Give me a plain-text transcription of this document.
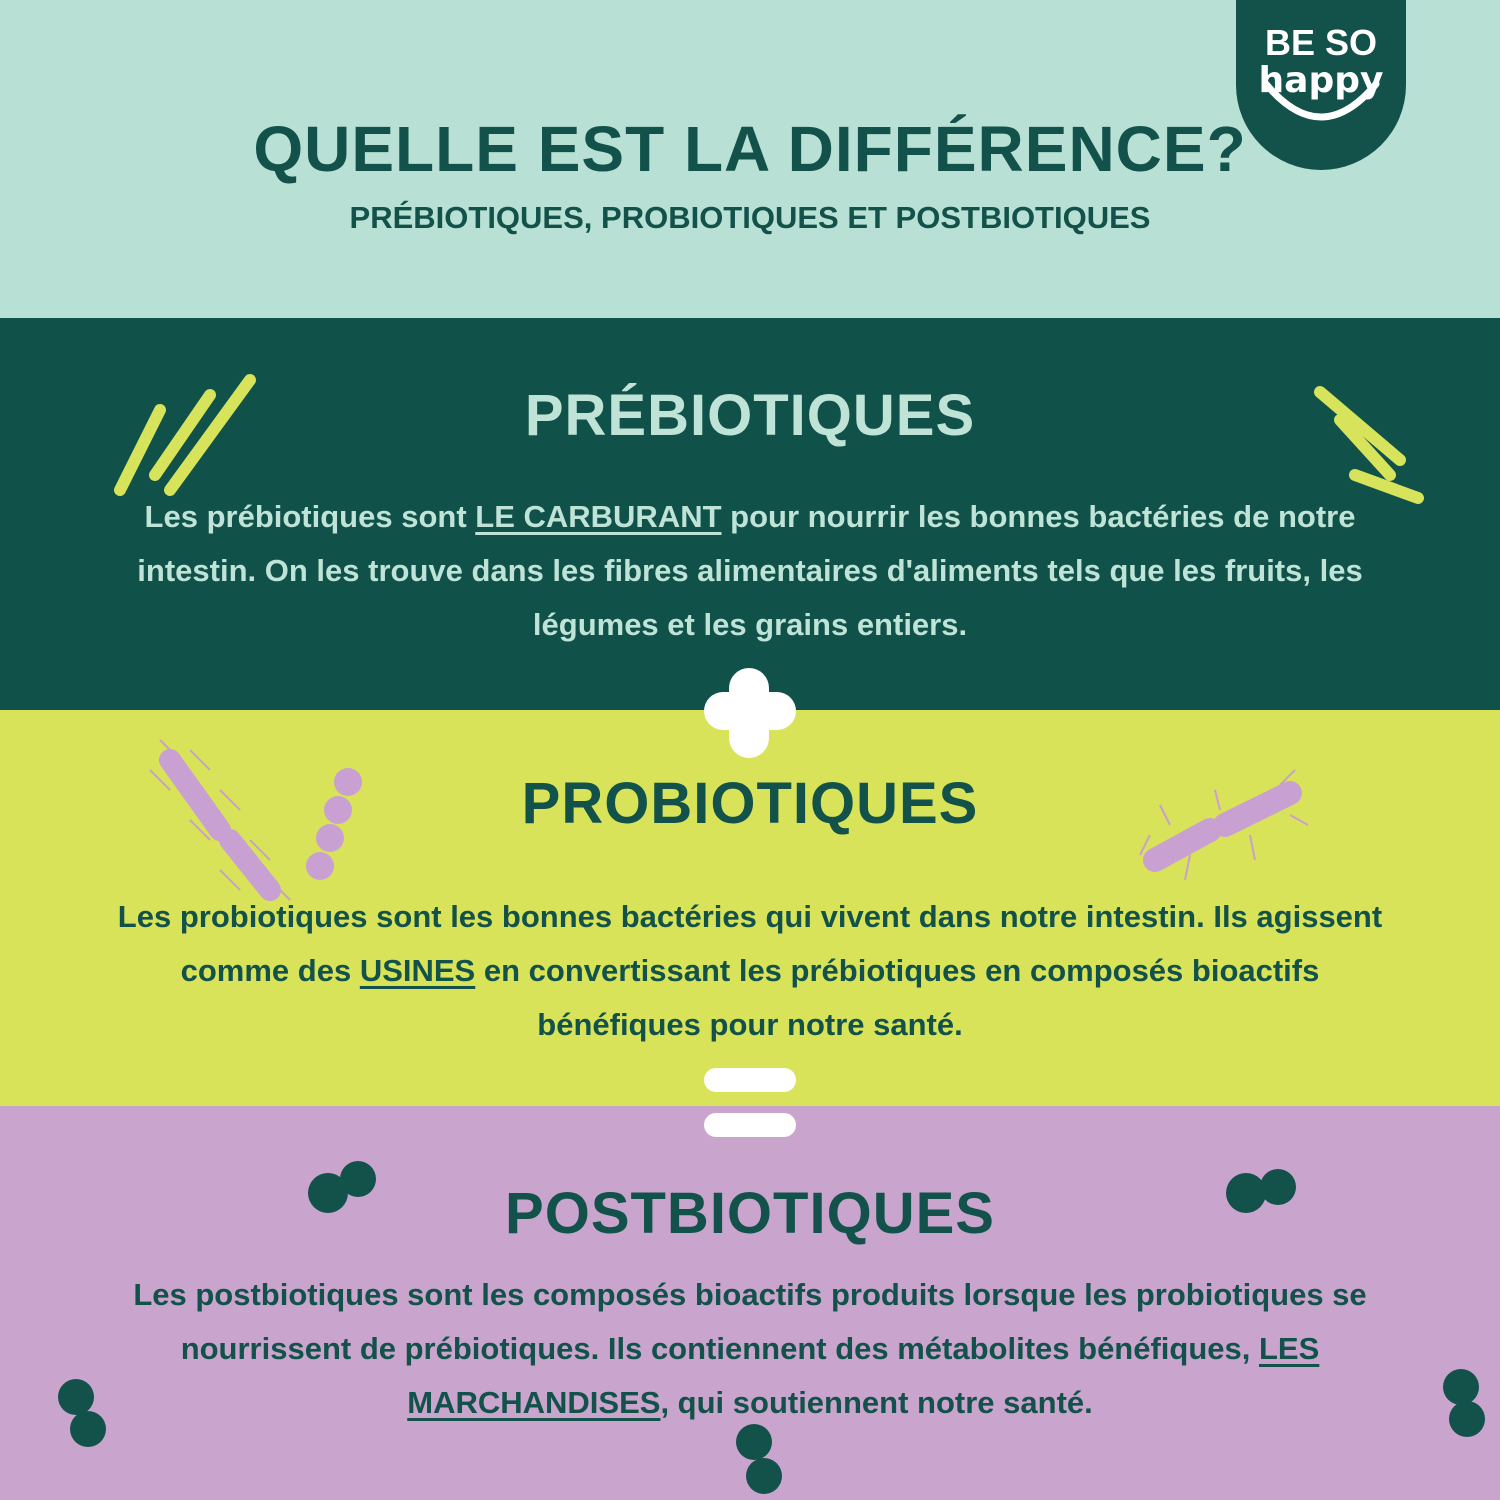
QUELLE EST LA DIFFÉRENCE?
PRÉBIOTIQUES, PROBIOTIQUES ET POSTBIOTIQUES
BE SO
happy
PRÉBIOTIQUES

Les prébiotiques sont LE CARBURANT pour nourrir les bonnes bactéries de notre intestin. On les trouve dans les fibres alimentaires d'aliments tels que les fruits, les légumes et les grains entiers.

PROBIOTIQUES

Les probiotiques sont les bonnes bactéries qui vivent dans notre intestin. Ils agissent comme des USINES en convertissant les prébiotiques en composés bioactifs bénéfiques pour notre santé.

POSTBIOTIQUES

Les postbiotiques sont les composés bioactifs produits lorsque les probiotiques se nourrissent de prébiotiques. Ils contiennent des métabolites bénéfiques, LES MARCHANDISES, qui soutiennent notre santé.
